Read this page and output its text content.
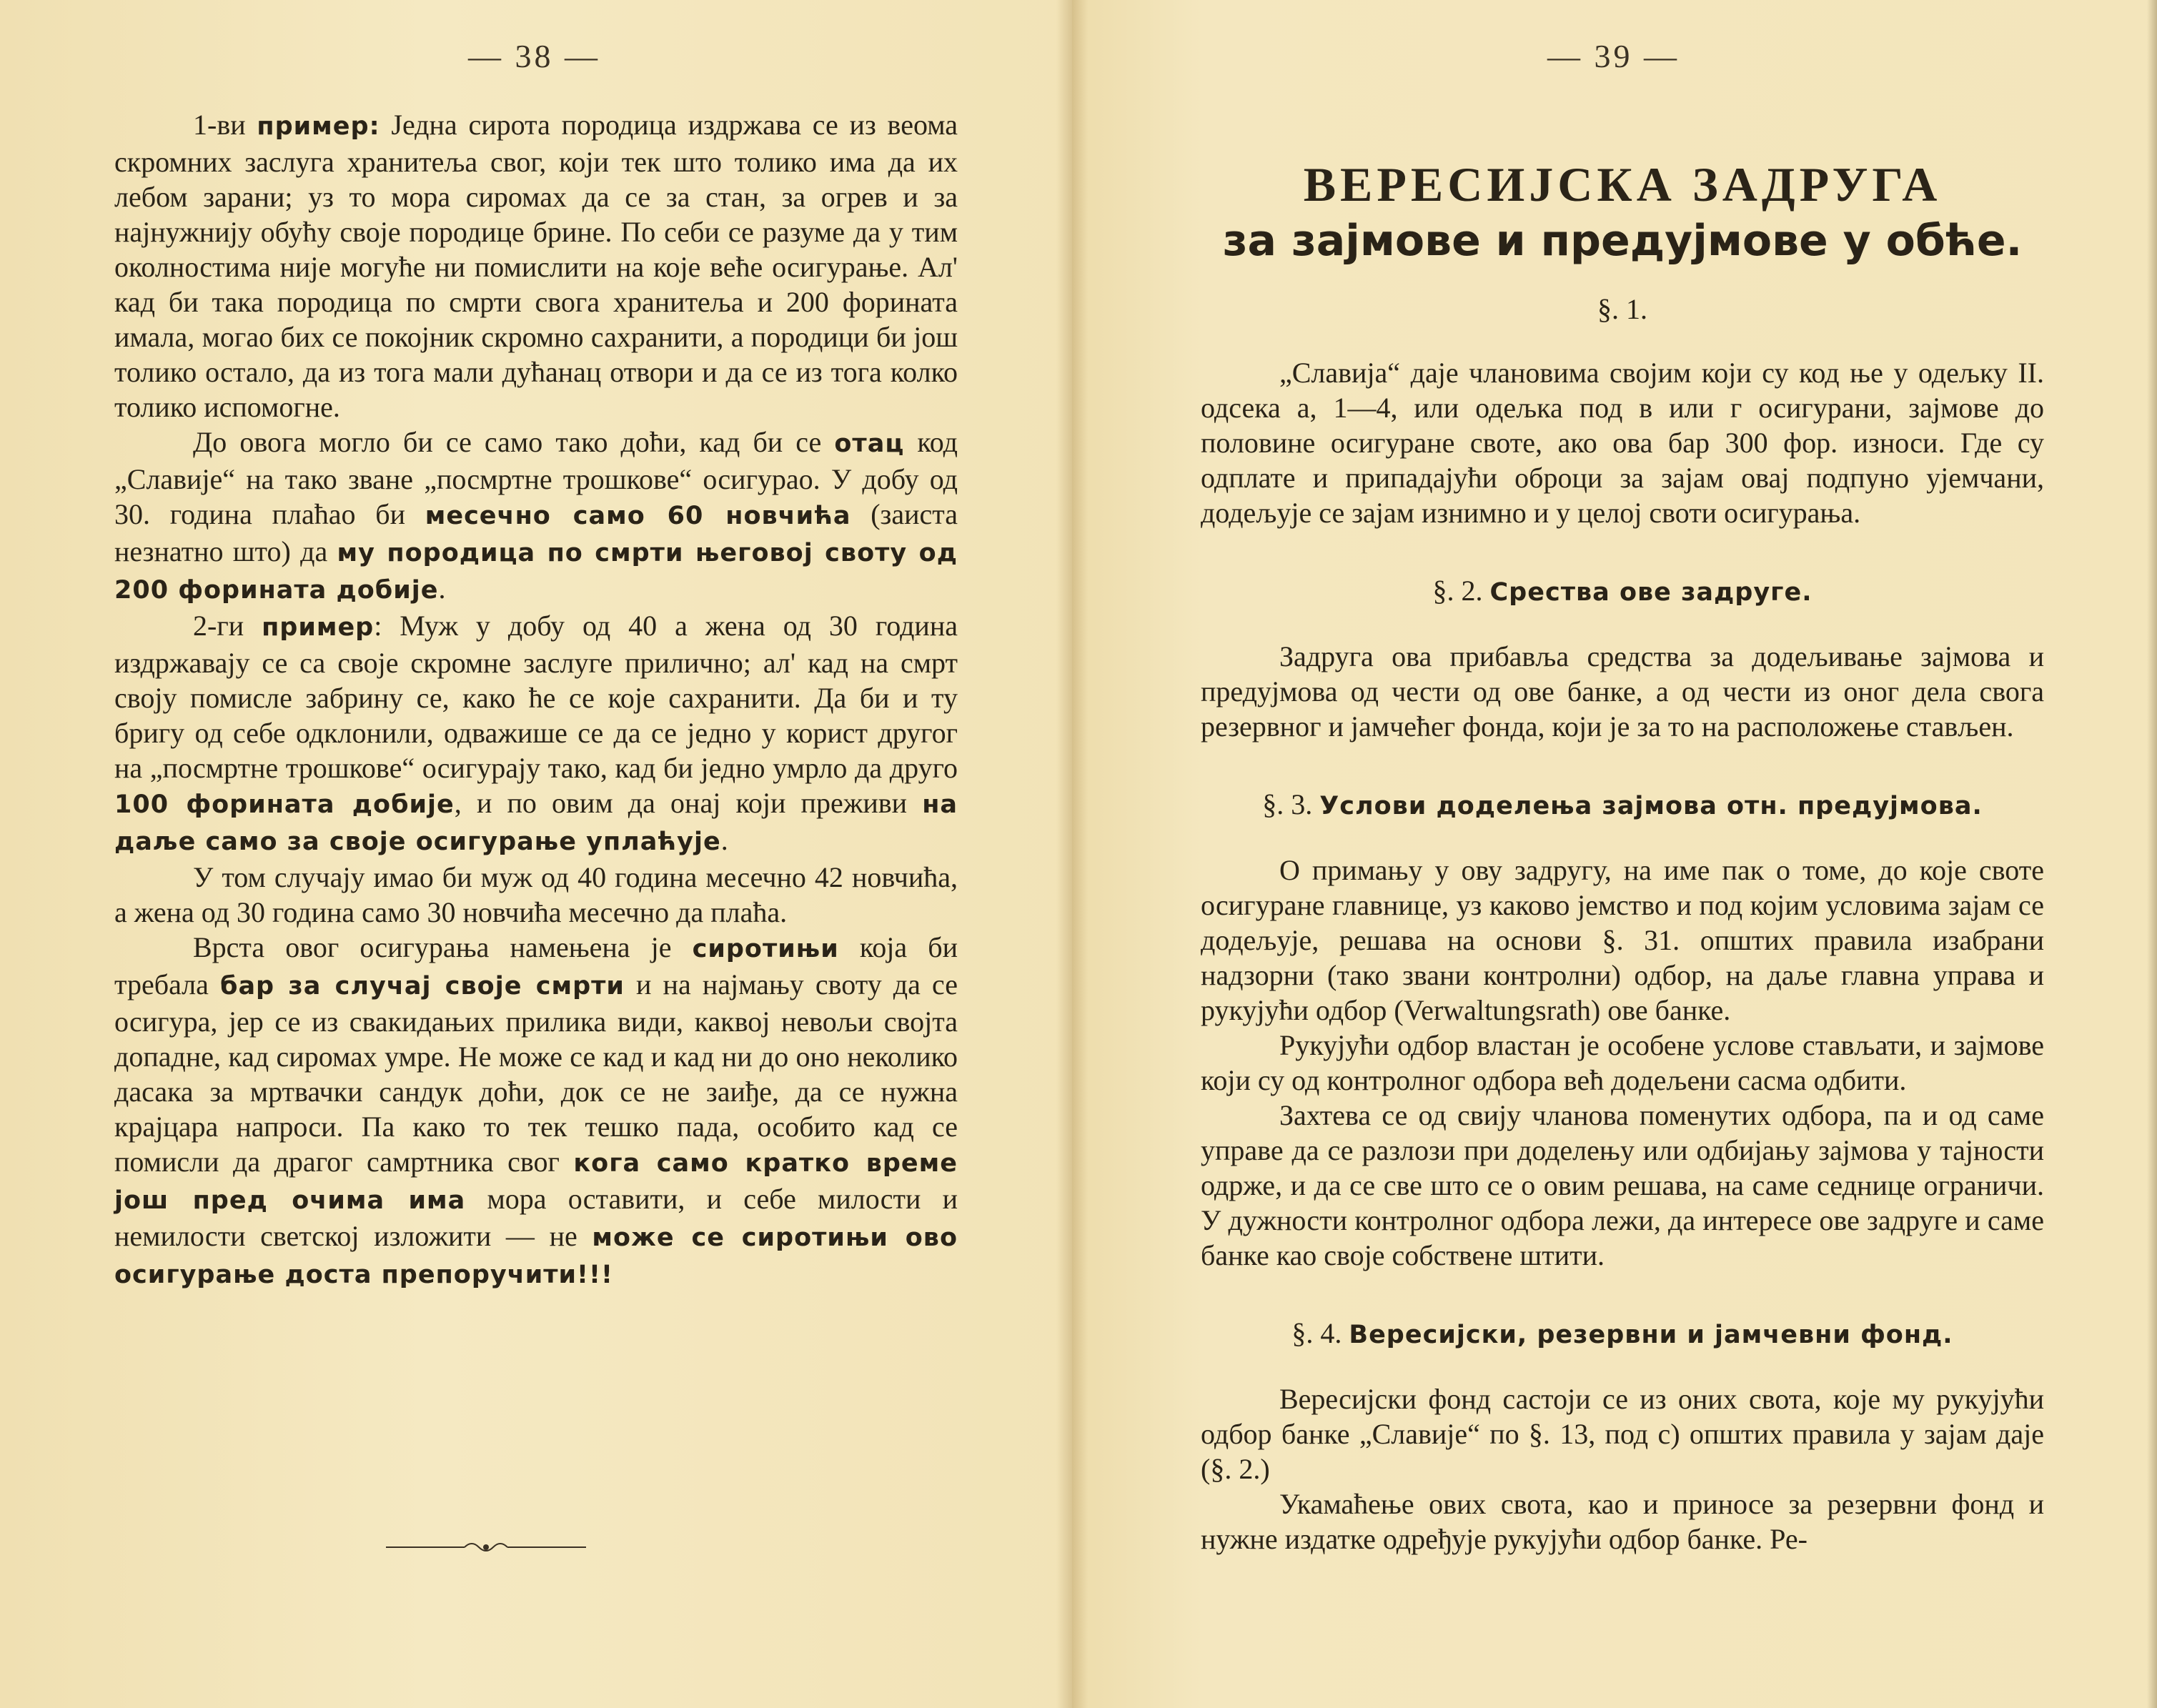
— 38 —

1-ви пример: Једна сирота породица издржава се из веома скромних заслуга хранитеља свог, који тек што толико има да их лебом зарани; уз то мора сиромах да се за стан, за огрев и за најнужнију обућу своје породице брине. По себи се разуме да у тим околностима није могуће ни помислити на које веће осигурање. Ал' кад би така породица по смрти свога хранитеља и 200 форината имала, могао бих се покојник скромно сахранити, а породици би још толико остало, да из тога мали дућанац отвори и да се из тога колко толико испомогне.

До овога могло би се само тако доћи, кад би се отац код „Славије“ на тако зване „посмртне трошкове“ осигурао. У добу од 30. година плаћао би месечно само 60 новчића (заиста незнатно што) да му породица по смрти његовој своту од 200 форината добије.

2-ги пример: Муж у добу од 40 а жена од 30 година издржавају се са своје скромне заслуге прилично; ал' кад на смрт своју помисле забрину се, како ће се које сахранити. Да би и ту бригу од себе одклонили, одважише се да се једно у корист другог на „посмртне трошкове“ осигурају тако, кад би једно умрло да друго 100 форината добије, и по овим да онај који преживи на даље само за своје осигурање уплаћује.

У том случају имао би муж од 40 година месечно 42 новчића, а жена од 30 година само 30 новчића месечно да плаћа.

Врста овог осигурања намењена је сиротињи која би требала бар за случај своје смрти и на најмању своту да се осигура, јер се из свакидањих прилика види, каквој невољи својта допадне, кад сиромах умре. Не може се кад и кад ни до оно неколико дасака за мртвачки сандук доћи, док се не заиђе, да се нужна крајцара напроси. Па како то тек тешко пада, особито кад се помисли да драгог самртника свог кога само кратко време још пред очима има мора оставити, и себе милости и немилости светској изложити — не може се сиротињи ово осигурање доста препоручити!!!

— 39 —
ВЕРЕСИЈСКА ЗАДРУГА
за зајмове и предујмове у обће.

§. 1.

„Славија“ даје члановима својим који су код ње у одељку II. одсека а, 1—4, или одељка под в или г осигурани, зајмове до половине осигуране своте, ако ова бар 300 фор. износи. Где су одплате и припадајући оброци за зајам овај подпуно ујемчани, додељује се зајам изнимно и у целој своти осигурања.

§. 2. Сpества ове задруге.

Задруга ова прибавља средства за додељивање зајмова и предујмова од чести од ове банке, а од чести из оног дела свога резервног и јамчећег фонда, који је за то на расположење стављен.

§. 3. Услови доделења зајмова отн. предујмова.

О примању у ову задругу, на име пак о томе, до које своте осигуране главнице, уз каково јемство и под којим условима зајам се додељује, решава на основи §. 31. општих правила изабрани надзорни (тако звани контролни) одбор, на даље главна управа и рукујући одбор (Verwaltungsrath) ове банке.

Рукујући одбор властан је особене услове стављати, и зајмове који су од контролног одбора већ додељени сасма одбити.

Захтева се од свију чланова поменутих одбора, па и од саме управе да се разлози при доделењу или одбијању зајмова у тајности одрже, и да се све што се о овим решава, на саме седнице ограничи. У дужности контролног одбора лежи, да интересе ове задруге и саме банке као своје собствене штити.

§. 4. Вересијски, резервни и јамчевни фонд.

Вересијски фонд састоји се из оних свота, које му рукујући одбор банке „Славије“ по §. 13, под с) општих правила у зајам даје (§. 2.)

Укамаћење ових свота, као и приносе за резервни фонд и нужне издатке одређује рукујући одбор банке. Ре-
